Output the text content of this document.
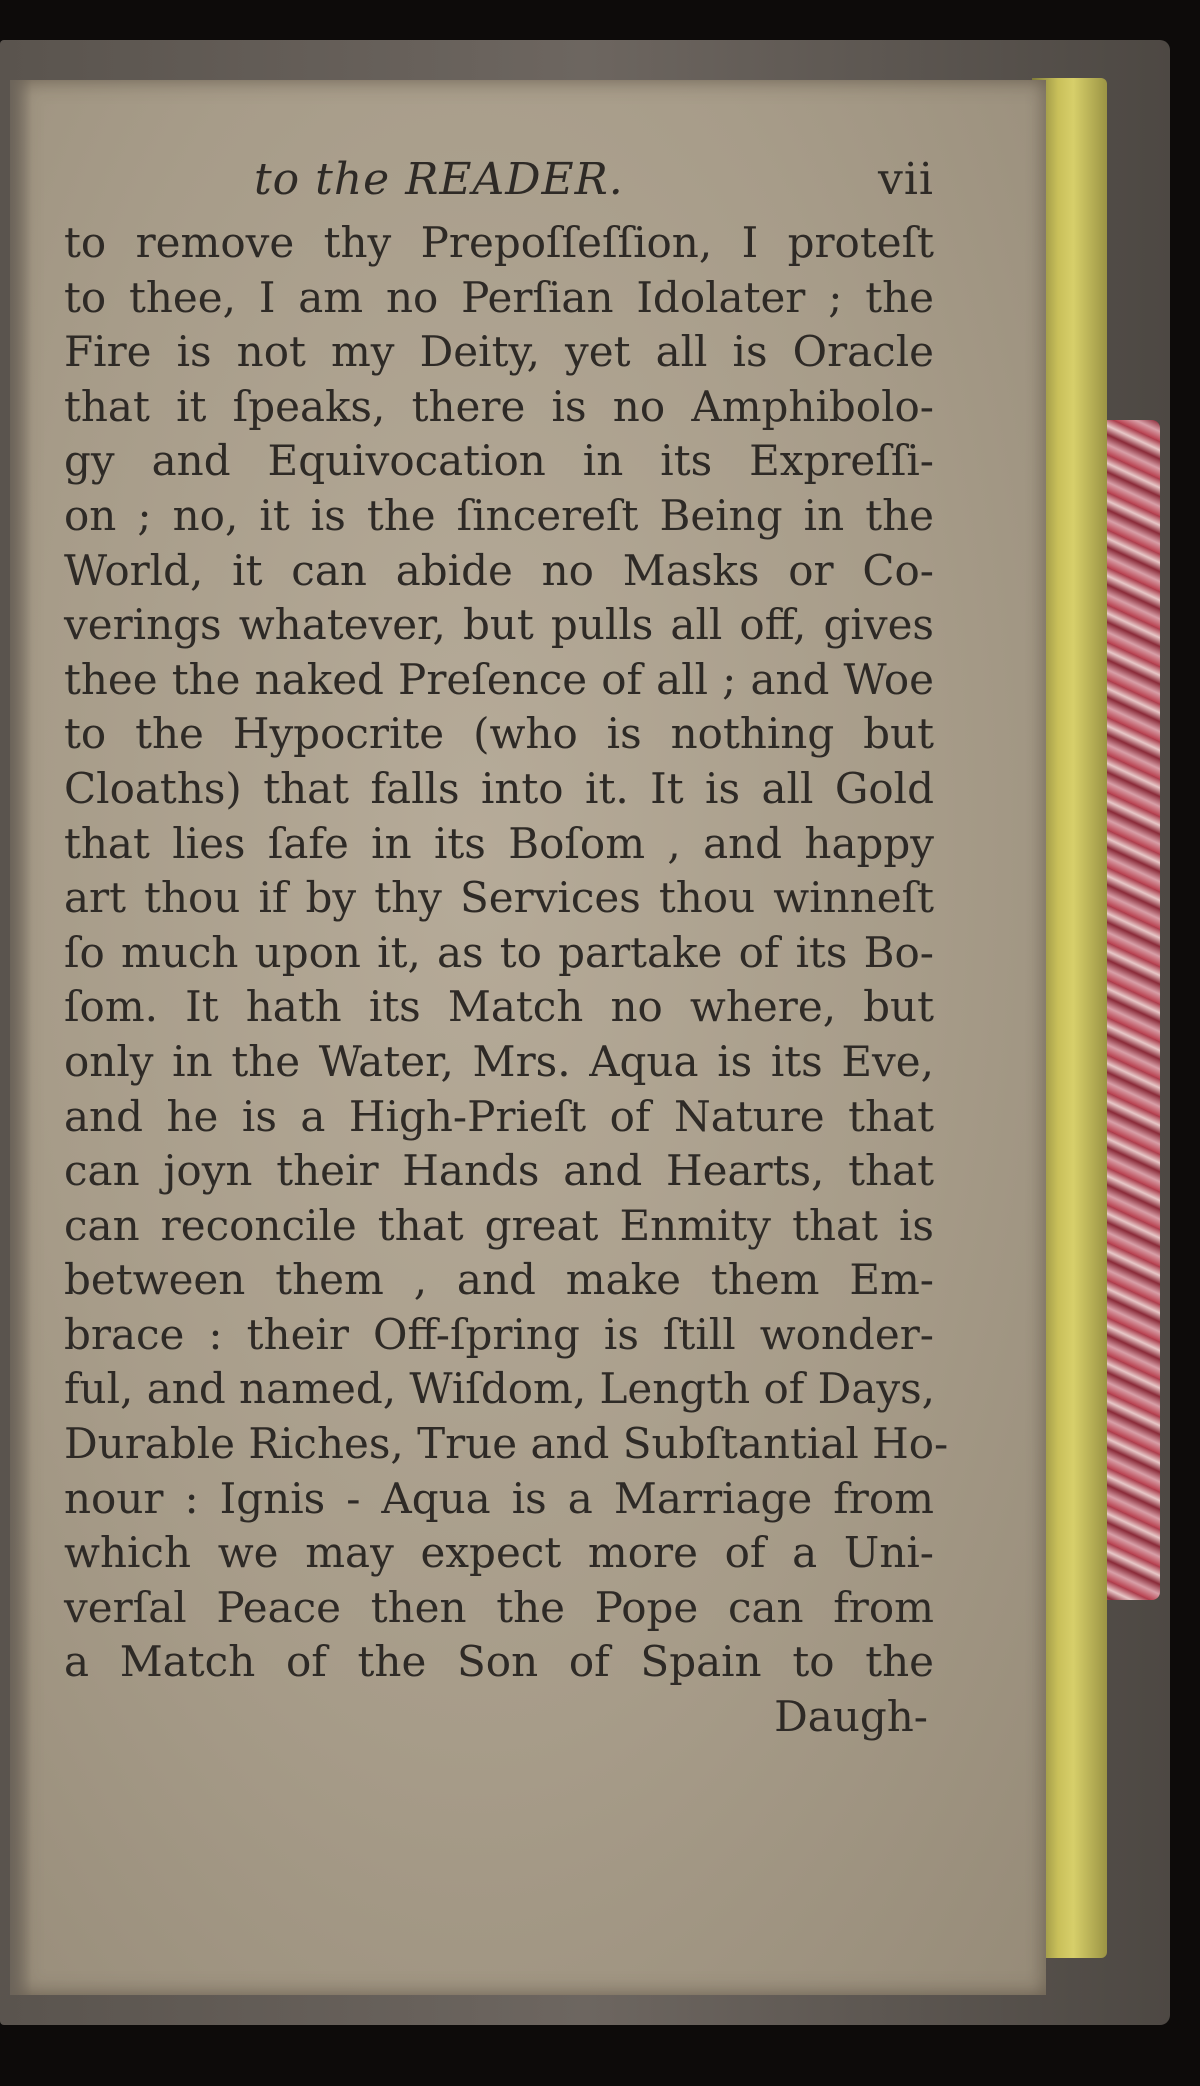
to the READER.	vii
to remove thy Prepoſſeſſion, I proteſt
to thee, I am no Perſian Idolater ; the
Fire is not my Deity, yet all is Oracle
that it ſpeaks, there is no Amphibolo-
gy and Equivocation in its Expreſſi-
on ; no, it is the ſincereſt Being in the
World, it can abide no Masks or Co-
verings whatever, but pulls all off, gives
thee the naked Preſence of all ; and Woe
to the Hypocrite (who is nothing but
Cloaths) that falls into it. It is all Gold
that lies ſafe in its Boſom , and happy
art thou if by thy Services thou winneſt
ſo much upon it, as to partake of its Bo-
ſom. It hath its Match no where, but
only in the Water, Mrs. Aqua is its Eve,
and he is a High-Prieſt of Nature that
can joyn their Hands and Hearts, that
can reconcile that great Enmity that is
between them , and make them Em-
brace : their Off-ſpring is ſtill wonder-
ful, and named, Wiſdom, Length of Days,
Durable Riches, True and Subſtantial Ho-
nour : Ignis - Aqua is a Marriage from
which we may expect more of a Uni-
verſal Peace then the Pope can from
a Match of the Son of Spain to the
Daugh-
